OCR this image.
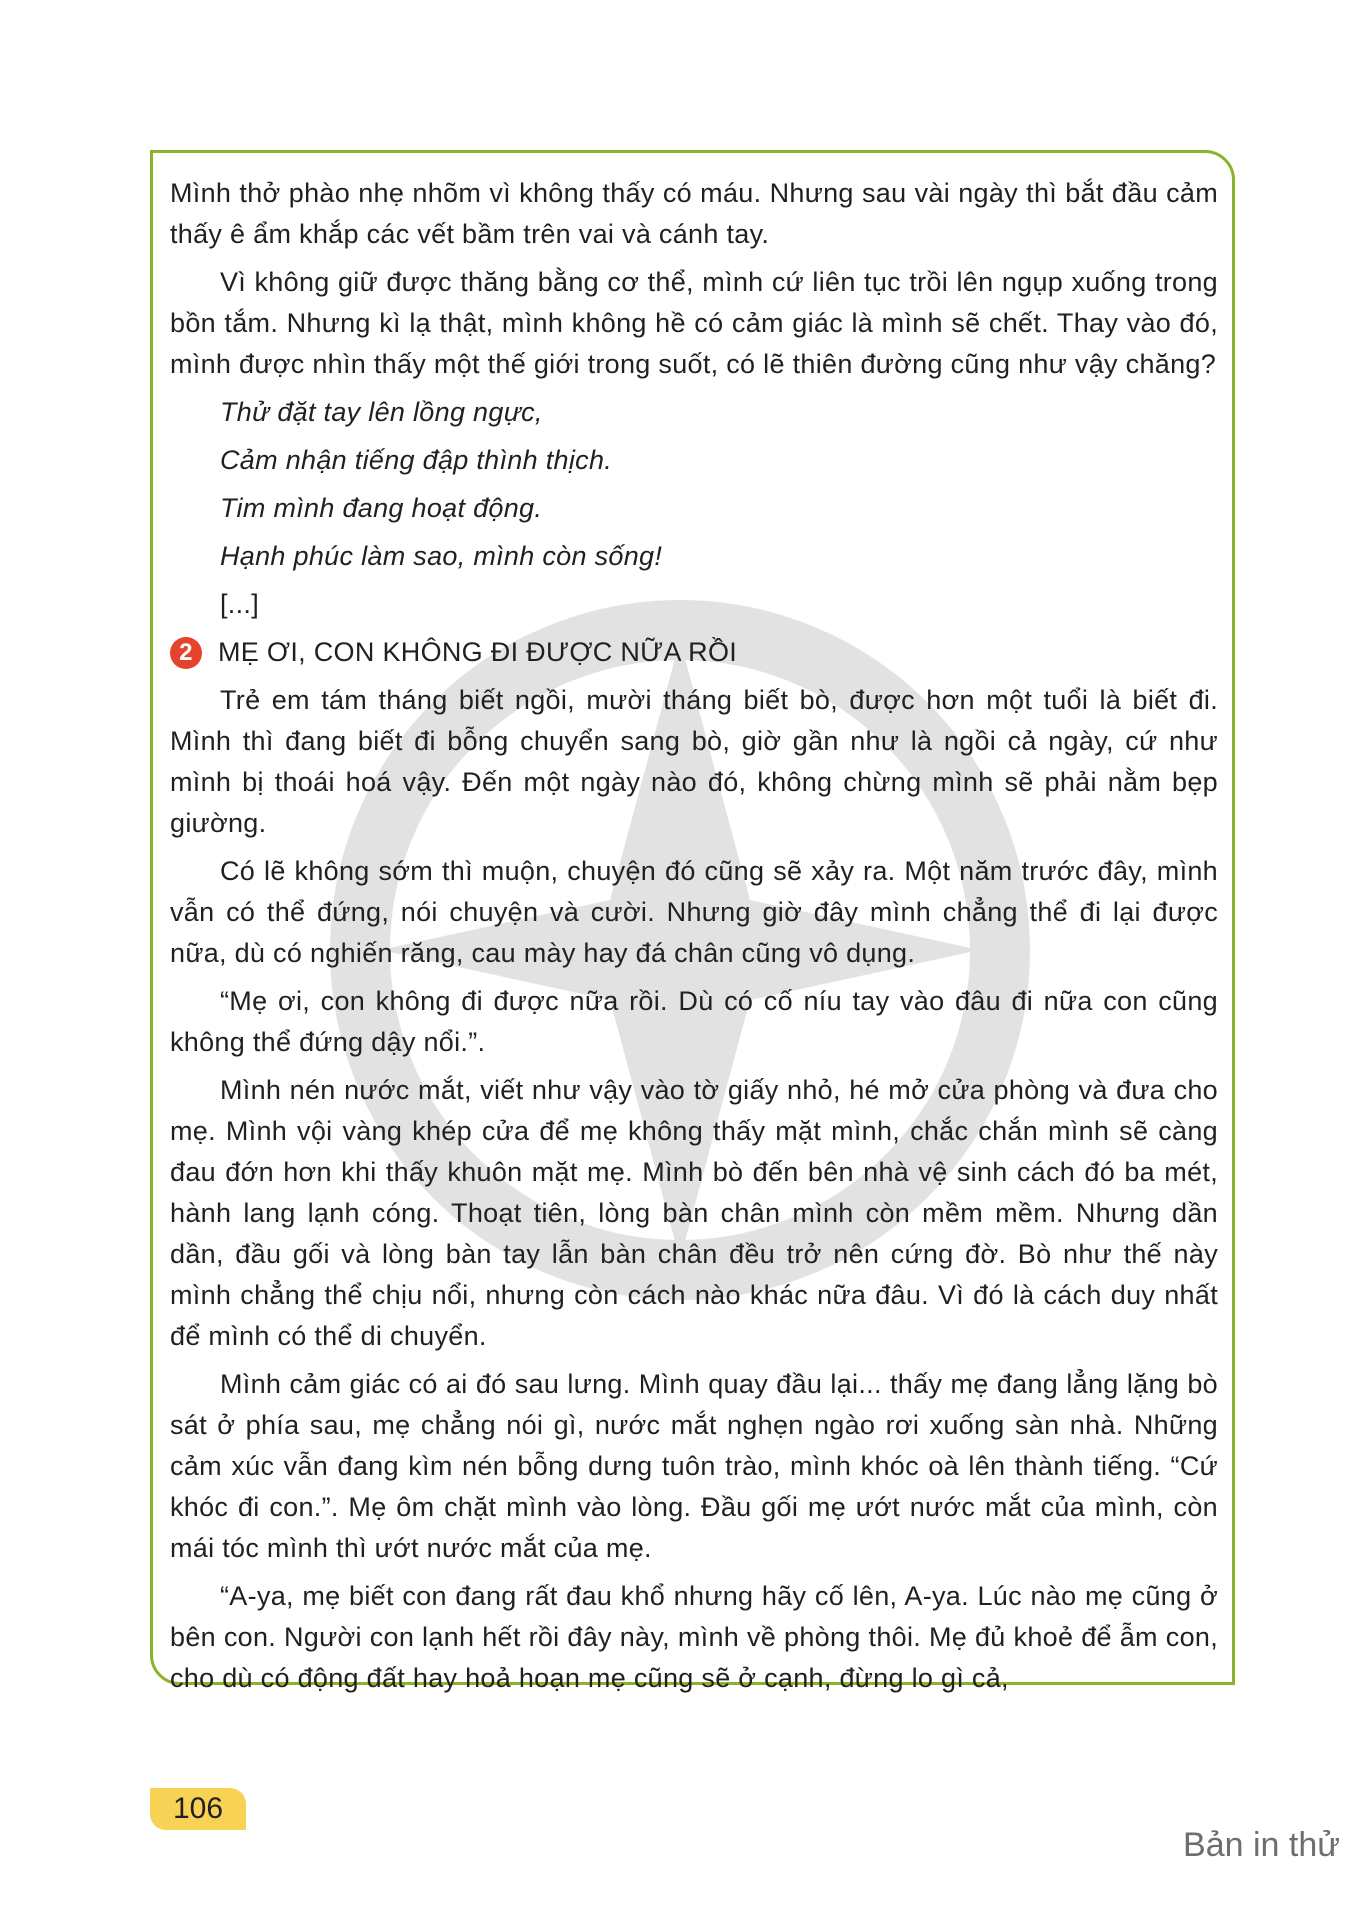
Mình thở phào nhẹ nhõm vì không thấy có máu. Nhưng sau vài ngày thì bắt đầu cảm thấy ê ẩm khắp các vết bầm trên vai và cánh tay.

Vì không giữ được thăng bằng cơ thể, mình cứ liên tục trồi lên ngụp xuống trong bồn tắm. Nhưng kì lạ thật, mình không hề có cảm giác là mình sẽ chết. Thay vào đó, mình được nhìn thấy một thế giới trong suốt, có lẽ thiên đường cũng như vậy chăng?

Thử đặt tay lên lồng ngực,

Cảm nhận tiếng đập thình thịch.

Tim mình đang hoạt động.

Hạnh phúc làm sao, mình còn sống!

[...]

2 MẸ ƠI, CON KHÔNG ĐI ĐƯỢC NỮA RỒI

Trẻ em tám tháng biết ngồi, mười tháng biết bò, được hơn một tuổi là biết đi. Mình thì đang biết đi bỗng chuyển sang bò, giờ gần như là ngồi cả ngày, cứ như mình bị thoái hoá vậy. Đến một ngày nào đó, không chừng mình sẽ phải nằm bẹp giường.

Có lẽ không sớm thì muộn, chuyện đó cũng sẽ xảy ra. Một năm trước đây, mình vẫn có thể đứng, nói chuyện và cười. Nhưng giờ đây mình chẳng thể đi lại được nữa, dù có nghiến răng, cau mày hay đá chân cũng vô dụng.

“Mẹ ơi, con không đi được nữa rồi. Dù có cố níu tay vào đâu đi nữa con cũng không thể đứng dậy nổi.”.

Mình nén nước mắt, viết như vậy vào tờ giấy nhỏ, hé mở cửa phòng và đưa cho mẹ. Mình vội vàng khép cửa để mẹ không thấy mặt mình, chắc chắn mình sẽ càng đau đớn hơn khi thấy khuôn mặt mẹ. Mình bò đến bên nhà vệ sinh cách đó ba mét, hành lang lạnh cóng. Thoạt tiên, lòng bàn chân mình còn mềm mềm. Nhưng dần dần, đầu gối và lòng bàn tay lẫn bàn chân đều trở nên cứng đờ. Bò như thế này mình chẳng thể chịu nổi, nhưng còn cách nào khác nữa đâu. Vì đó là cách duy nhất để mình có thể di chuyển.

Mình cảm giác có ai đó sau lưng. Mình quay đầu lại... thấy mẹ đang lẳng lặng bò sát ở phía sau, mẹ chẳng nói gì, nước mắt nghẹn ngào rơi xuống sàn nhà. Những cảm xúc vẫn đang kìm nén bỗng dưng tuôn trào, mình khóc oà lên thành tiếng. “Cứ khóc đi con.”. Mẹ ôm chặt mình vào lòng. Đầu gối mẹ ướt nước mắt của mình, còn mái tóc mình thì ướt nước mắt của mẹ.

“A-ya, mẹ biết con đang rất đau khổ nhưng hãy cố lên, A-ya. Lúc nào mẹ cũng ở bên con. Người con lạnh hết rồi đây này, mình về phòng thôi. Mẹ đủ khoẻ để ẫm con, cho dù có động đất hay hoả hoạn mẹ cũng sẽ ở cạnh, đừng lo gì cả,

106
Bản in thử
